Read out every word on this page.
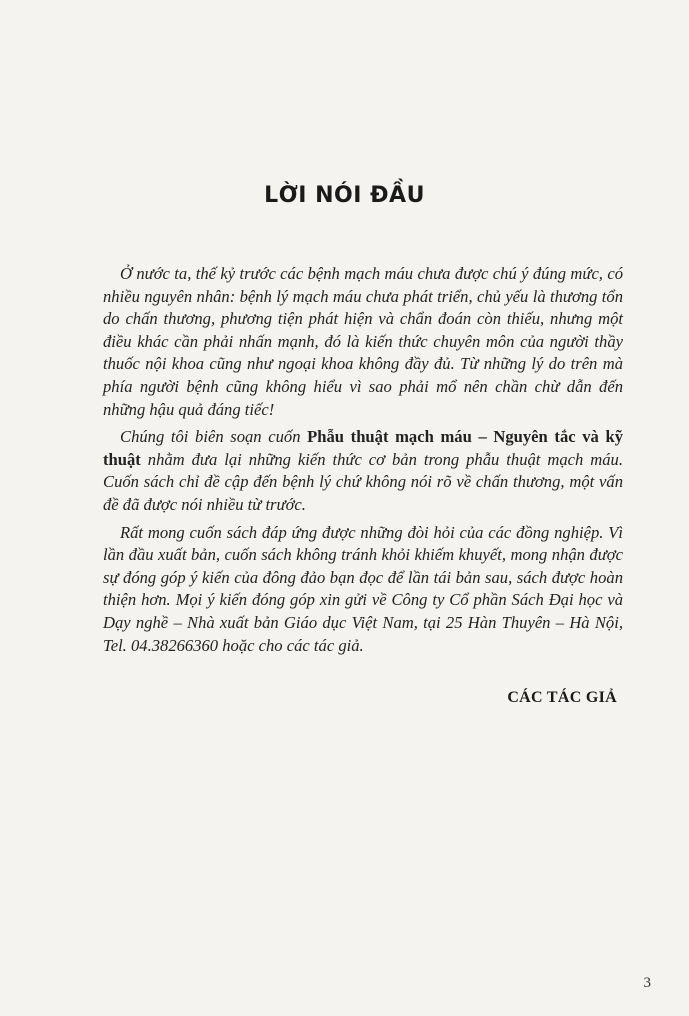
LỜI NÓI ĐẦU

Ở nước ta, thế kỷ trước các bệnh mạch máu chưa được chú ý đúng mức, có nhiều nguyên nhân: bệnh lý mạch máu chưa phát triển, chủ yếu là thương tổn do chấn thương, phương tiện phát hiện và chẩn đoán còn thiếu, nhưng một điều khác cần phải nhấn mạnh, đó là kiến thức chuyên môn của người thầy thuốc nội khoa cũng như ngoại khoa không đầy đủ. Từ những lý do trên mà phía người bệnh cũng không hiểu vì sao phải mổ nên chần chừ dẫn đến những hậu quả đáng tiếc!

Chúng tôi biên soạn cuốn Phẫu thuật mạch máu – Nguyên tắc và kỹ thuật nhằm đưa lại những kiến thức cơ bản trong phẫu thuật mạch máu. Cuốn sách chỉ đề cập đến bệnh lý chứ không nói rõ về chấn thương, một vấn đề đã được nói nhiều từ trước.

Rất mong cuốn sách đáp ứng được những đòi hỏi của các đồng nghiệp. Vì lần đầu xuất bản, cuốn sách không tránh khỏi khiếm khuyết, mong nhận được sự đóng góp ý kiến của đông đảo bạn đọc để lần tái bản sau, sách được hoàn thiện hơn. Mọi ý kiến đóng góp xin gửi về Công ty Cổ phần Sách Đại học và Dạy nghề – Nhà xuất bản Giáo dục Việt Nam, tại 25 Hàn Thuyên – Hà Nội, Tel. 04.38266360 hoặc cho các tác giả.

CÁC TÁC GIẢ
3
